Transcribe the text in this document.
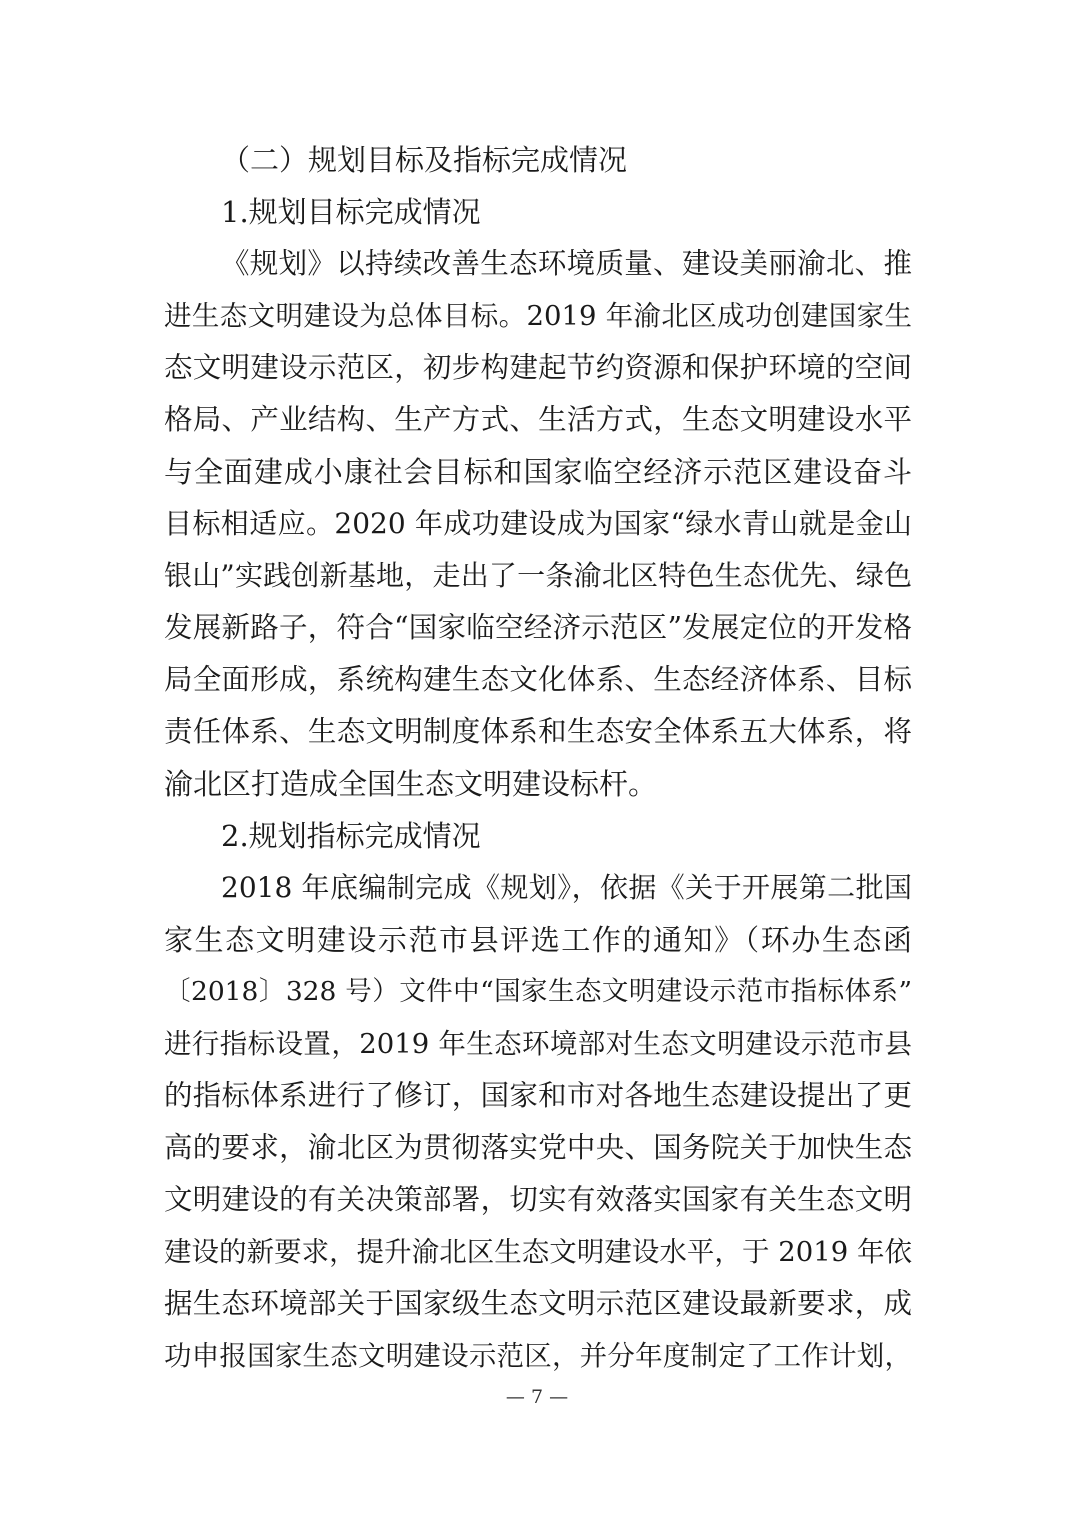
（二）规划目标及指标完成情况
1.规划目标完成情况
《规划》以持续改善生态环境质量、建设美丽渝北、推
进生态文明建设为总体目标。2019 年渝北区成功创建国家生
态文明建设示范区，初步构建起节约资源和保护环境的空间
格局、产业结构、生产方式、生活方式，生态文明建设水平
与全面建成小康社会目标和国家临空经济示范区建设奋斗
目标相适应。2020 年成功建设成为国家“绿水青山就是金山
银山”实践创新基地，走出了一条渝北区特色生态优先、绿色
发展新路子，符合“国家临空经济示范区”发展定位的开发格
局全面形成，系统构建生态文化体系、生态经济体系、目标
责任体系、生态文明制度体系和生态安全体系五大体系，将
渝北区打造成全国生态文明建设标杆。
2.规划指标完成情况
2018 年底编制完成《规划》，依据《关于开展第二批国
家生态文明建设示范市县评选工作的通知》（环办生态函
〔2018〕328 号）文件中“国家生态文明建设示范市指标体系”
进行指标设置，2019 年生态环境部对生态文明建设示范市县
的指标体系进行了修订，国家和市对各地生态建设提出了更
高的要求，渝北区为贯彻落实党中央、国务院关于加快生态
文明建设的有关决策部署，切实有效落实国家有关生态文明
建设的新要求，提升渝北区生态文明建设水平，于 2019 年依
据生态环境部关于国家级生态文明示范区建设最新要求，成
功申报国家生态文明建设示范区，并分年度制定了工作计划，
— 7 —
